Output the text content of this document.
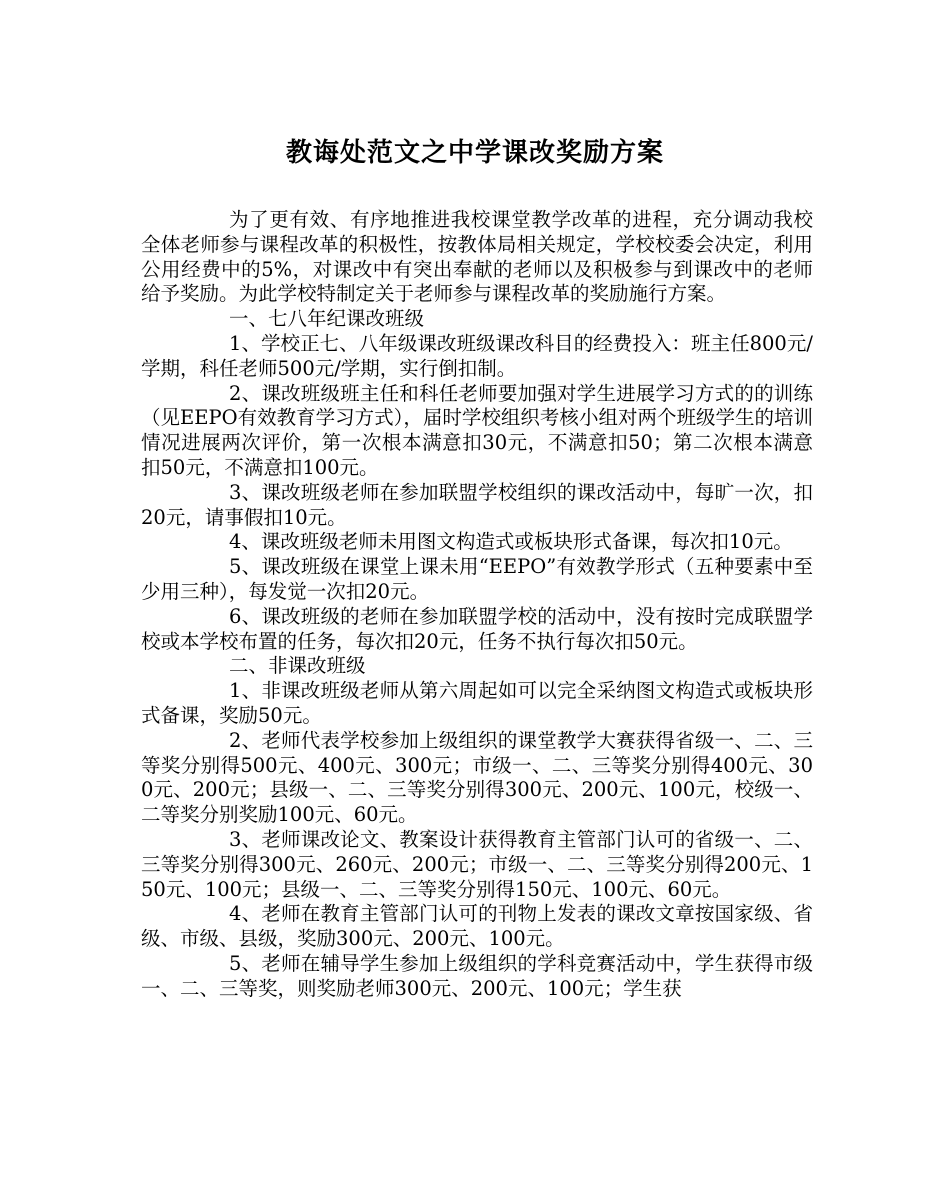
教诲处范文之中学课改奖励方案

为了更有效、有序地推进我校课堂教学改革的进程，充分调动我校全体老师参与课程改革的积极性，按教体局相关规定，学校校委会决定，利用公用经费中的5%，对课改中有突出奉献的老师以及积极参与到课改中的老师给予奖励。为此学校特制定关于老师参与课程改革的奖励施行方案。

一、七八年纪课改班级

1、学校正七、八年级课改班级课改科目的经费投入：班主任800元/学期，科任老师500元/学期，实行倒扣制。

2、课改班级班主任和科任老师要加强对学生进展学习方式的的训练（见EEPO有效教育学习方式），届时学校组织考核小组对两个班级学生的培训情况进展两次评价，第一次根本满意扣30元，不满意扣50；第二次根本满意扣50元，不满意扣100元。

3、课改班级老师在参加联盟学校组织的课改活动中，每旷一次，扣20元，请事假扣10元。

4、课改班级老师未用图文构造式或板块形式备课，每次扣10元。

5、课改班级在课堂上课未用“EEPO”有效教学形式（五种要素中至少用三种），每发觉一次扣20元。

6、课改班级的老师在参加联盟学校的活动中，没有按时完成联盟学校或本学校布置的任务，每次扣20元，任务不执行每次扣50元。

二、非课改班级

1、非课改班级老师从第六周起如可以完全采纳图文构造式或板块形式备课，奖励50元。

2、老师代表学校参加上级组织的课堂教学大赛获得省级一、二、三等奖分别得500元、400元、300元；市级一、二、三等奖分别得400元、300元、200元；县级一、二、三等奖分别得300元、200元、100元，校级一、二等奖分别奖励100元、60元。

3、老师课改论文、教案设计获得教育主管部门认可的省级一、二、三等奖分别得300元、260元、200元；市级一、二、三等奖分别得200元、150元、100元；县级一、二、三等奖分别得150元、100元、60元。

4、老师在教育主管部门认可的刊物上发表的课改文章按国家级、省级、市级、县级，奖励300元、200元、100元。

5、老师在辅导学生参加上级组织的学科竞赛活动中，学生获得市级一、二、三等奖，则奖励老师300元、200元、100元；学生获
